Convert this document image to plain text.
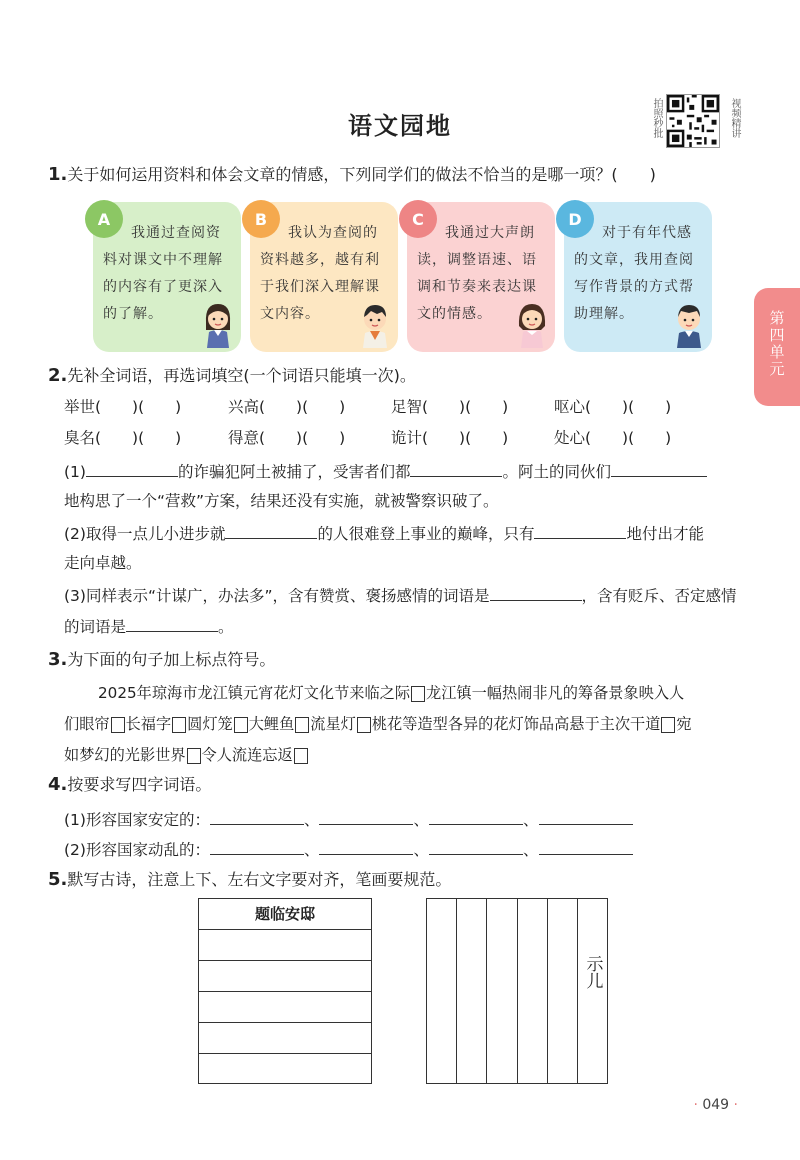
语文园地	拍照秒批	视频精讲
第四单元
1.关于如何运用资料和体会文章的情感，下列同学们的做法不恰当的是哪一项？(　　)
A
我通过查阅资料对课文中不理解的内容有了更深入的了解。
B
我认为查阅的资料越多，越有利于我们深入理解课文内容。
C
我通过大声朗读，调整语速、语调和节奏来表达课文的情感。
D
对于有年代感的文章，我用查阅写作背景的方式帮助理解。
2.先补全词语，再选词填空(一个词语只能填一次)。
举世(　　)(　　)	兴高(　　)(　　)	足智(　　)(　　)	呕心(　　)(　　)
臭名(　　)(　　)	得意(　　)(　　)	诡计(　　)(　　)	处心(　　)(　　)
(1)	的诈骗犯阿土被捕了，受害者们都	。阿土的同伙们
地构思了一个“营救”方案，结果还没有实施，就被警察识破了。
(2)取得一点儿小进步就	的人很难登上事业的巅峰，只有	地付出才能
走向卓越。
(3)同样表示“计谋广，办法多”，含有赞赏、褒扬感情的词语是	，含有贬斥、否定感情
的词语是	。
3.为下面的句子加上标点符号。
2025年琼海市龙江镇元宵花灯文化节来临之际 龙江镇一幅热闹非凡的筹备景象映入人
们眼帘 长福字 圆灯笼 大鲤鱼 流星灯 桃花等造型各异的花灯饰品高悬于主次干道 宛
如梦幻的光影世界 令人流连忘返
4.按要求写四字词语。
(1)形容国家安定的：	、	、	、
(2)形容国家动乱的：	、	、	、
5.默写古诗，注意上下、左右文字要对齐，笔画要规范。
题临安邸
示儿
· 049 ·
